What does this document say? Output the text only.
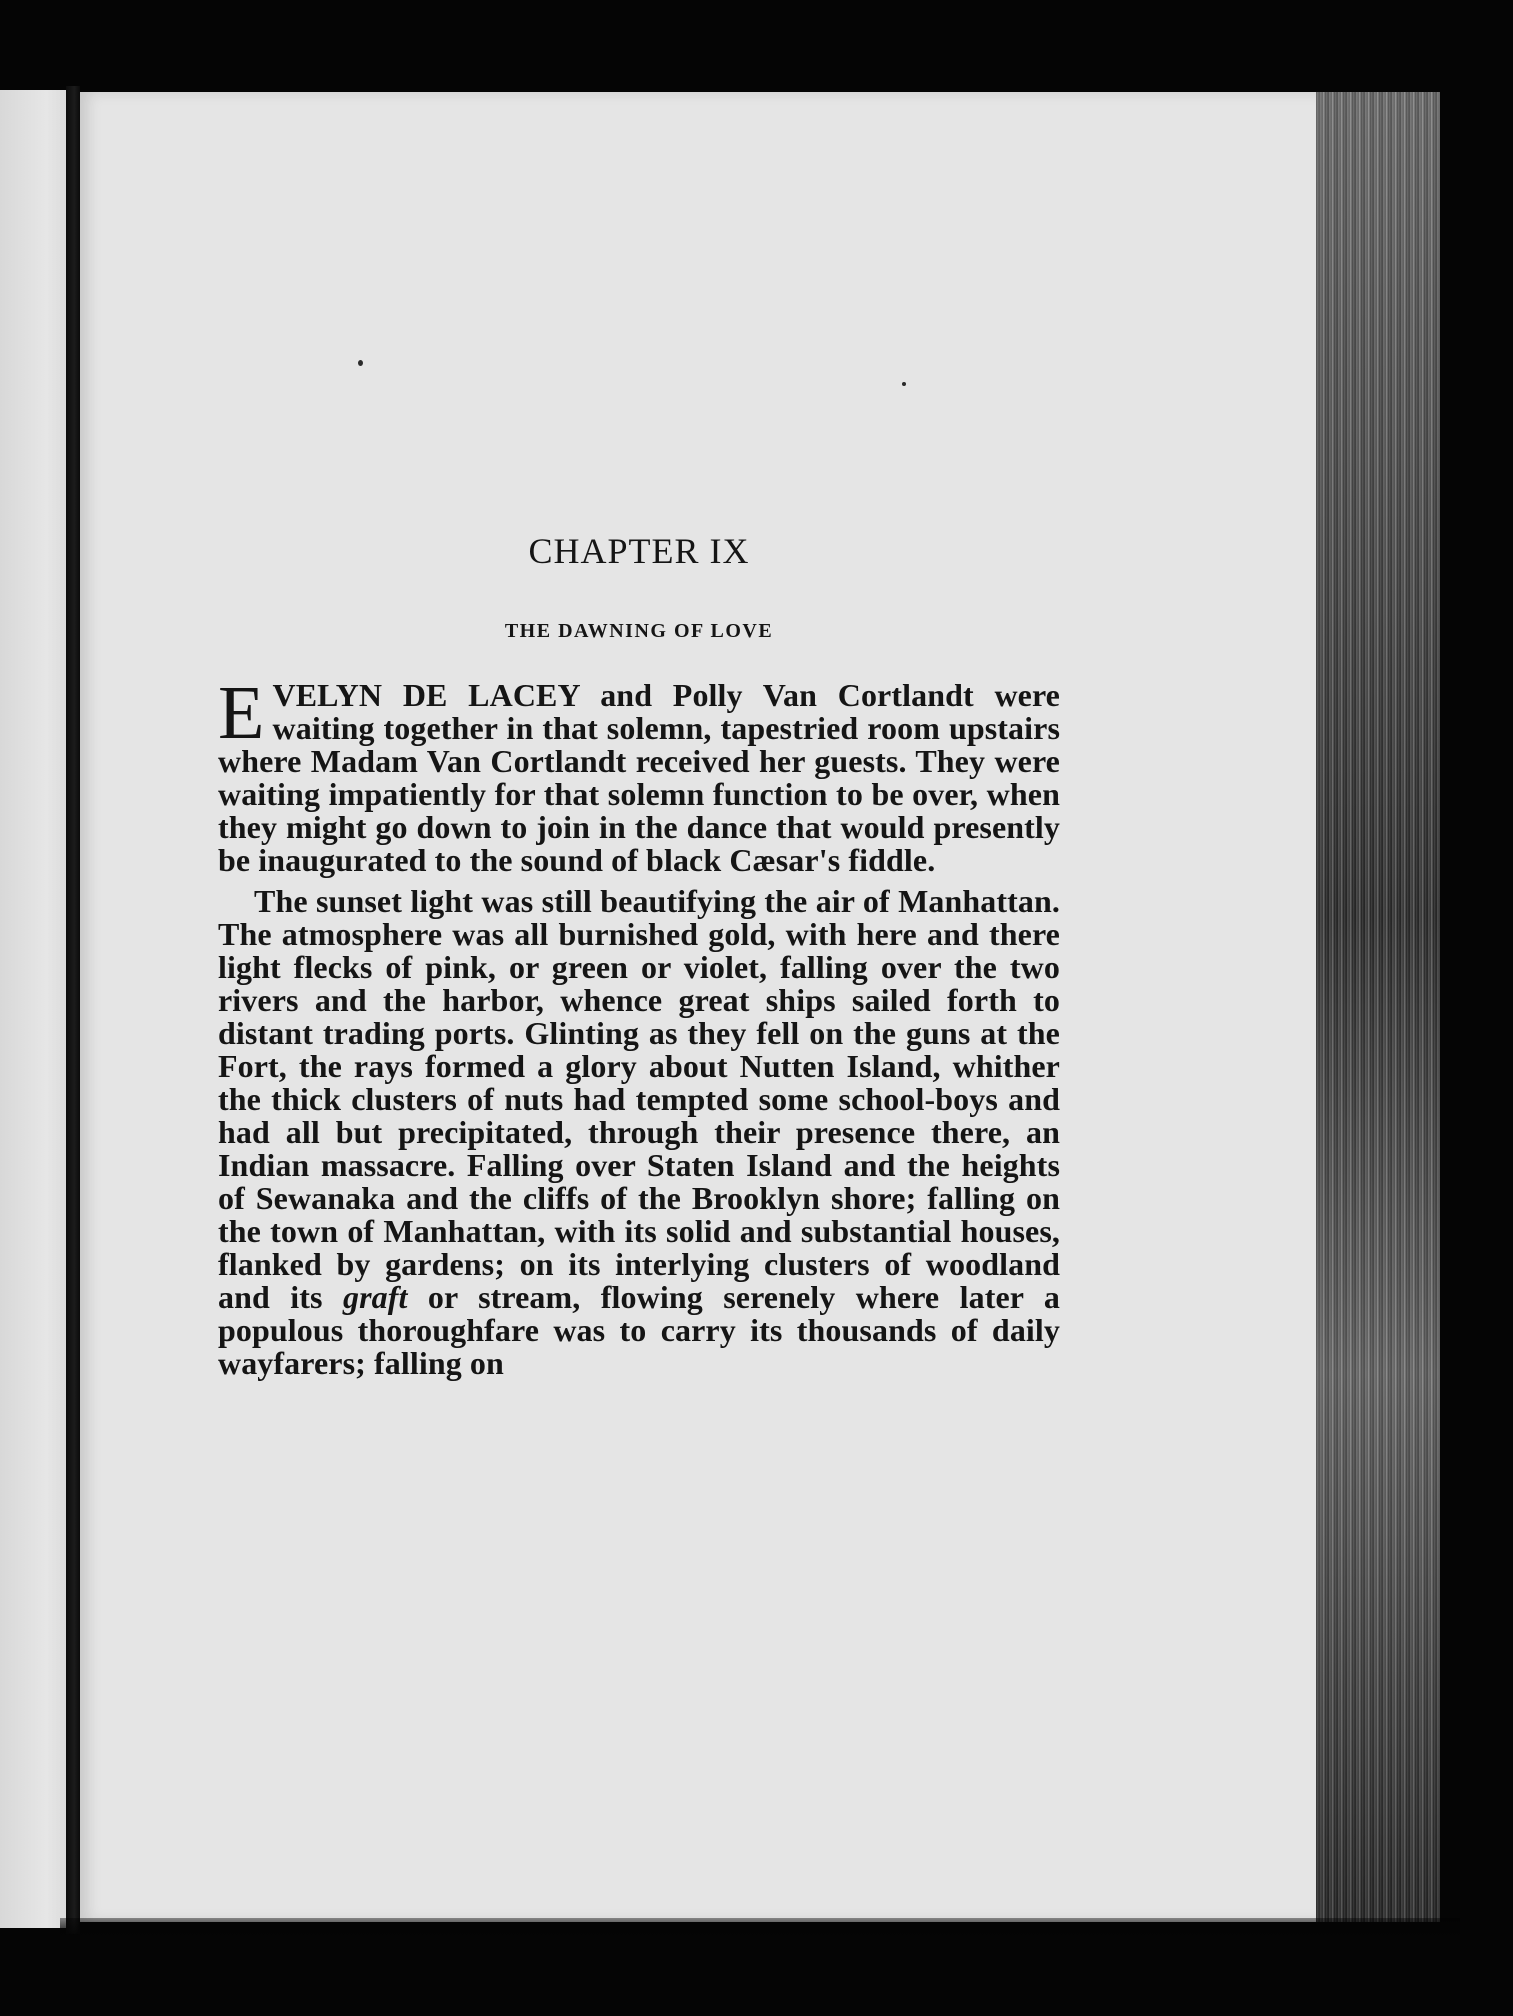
CHAPTER IX
THE DAWNING OF LOVE

EVELYN DE LACEY and Polly Van Cortlandt were waiting together in that solemn, tapestried room upstairs where Madam Van Cortlandt received her guests. They were waiting impatiently for that solemn function to be over, when they might go down to join in the dance that would presently be inaugurated to the sound of black Cæsar's fiddle.

The sunset light was still beautifying the air of Manhattan. The atmosphere was all burnished gold, with here and there light flecks of pink, or green or violet, falling over the two rivers and the harbor, whence great ships sailed forth to distant trading ports. Glinting as they fell on the guns at the Fort, the rays formed a glory about Nutten Island, whither the thick clusters of nuts had tempted some school-boys and had all but precipitated, through their presence there, an Indian massacre. Falling over Staten Island and the heights of Sewanaka and the cliffs of the Brooklyn shore; falling on the town of Manhattan, with its solid and substantial houses, flanked by gardens; on its interlying clusters of woodland and its graft or stream, flowing serenely where later a populous thoroughfare was to carry its thousands of daily wayfarers; falling on
